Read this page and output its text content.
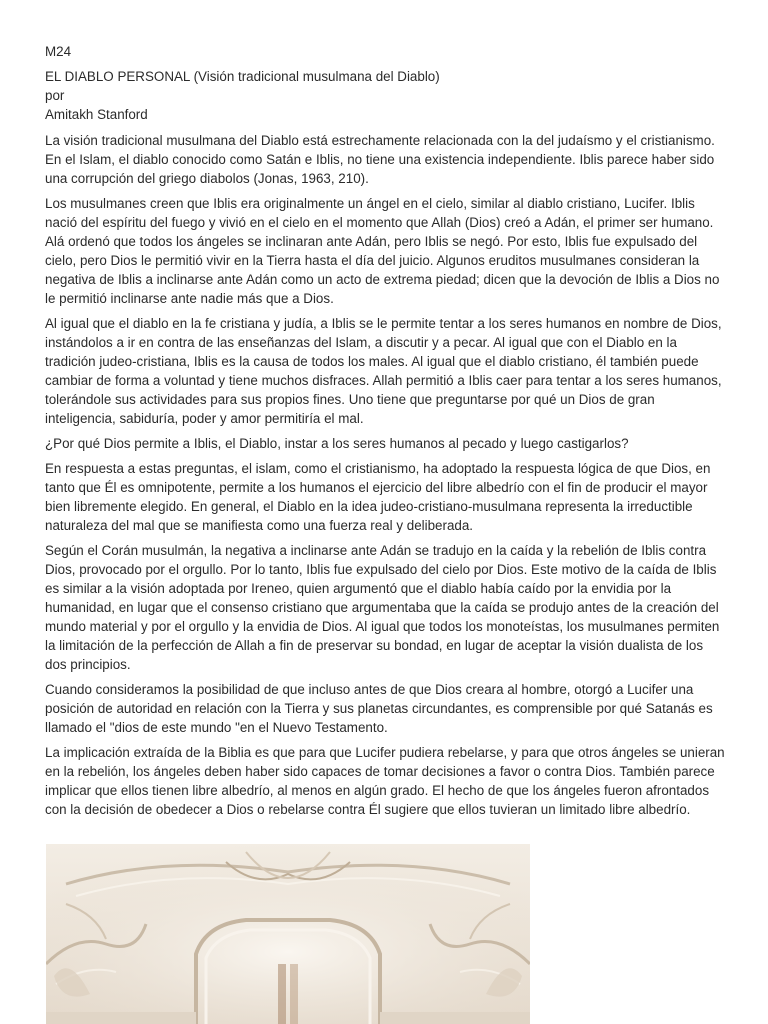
M24

EL DIABLO PERSONAL (Visión tradicional musulmana del Diablo)

por

Amitakh Stanford

La visión tradicional musulmana del Diablo está estrechamente relacionada con la del judaísmo y el cristianismo. En el Islam, el diablo conocido como Satán e Iblis, no tiene una existencia independiente. Iblis parece haber sido una corrupción del griego diabolos (Jonas, 1963, 210).

Los musulmanes creen que Iblis era originalmente un ángel en el cielo, similar al diablo cristiano, Lucifer. Iblis nació del espíritu del fuego y vivió en el cielo en el momento que Allah (Dios) creó a Adán, el primer ser humano. Alá ordenó que todos los ángeles se inclinaran ante Adán, pero Iblis se negó. Por esto, Iblis fue expulsado del cielo, pero Dios le permitió vivir en la Tierra hasta el día del juicio. Algunos eruditos musulmanes consideran la negativa de Iblis a inclinarse ante Adán como un acto de extrema piedad; dicen que la devoción de Iblis a Dios no le permitió inclinarse ante nadie más que a Dios.

Al igual que el diablo en la fe cristiana y judía, a Iblis se le permite tentar a los seres humanos en nombre de Dios, instándolos a ir en contra de las enseñanzas del Islam, a discutir y a pecar. Al igual que con el Diablo en la tradición judeo-cristiana, Iblis es la causa de todos los males. Al igual que el diablo cristiano, él también puede cambiar de forma a voluntad y tiene muchos disfraces. Allah permitió a Iblis caer para tentar a los seres humanos, tolerándole sus actividades para sus propios fines. Uno tiene que preguntarse por qué un Dios de gran inteligencia, sabiduría, poder y amor permitiría el mal.

¿Por qué Dios permite a Iblis, el Diablo, instar a los seres humanos al pecado y luego castigarlos?

En respuesta a estas preguntas, el islam, como el cristianismo, ha adoptado la respuesta lógica de que Dios, en tanto que Él es omnipotente, permite a los humanos el ejercicio del libre albedrío con el fin de producir el mayor bien libremente elegido. En general, el Diablo en la idea judeo-cristiano-musulmana representa la irreductible naturaleza del mal que se manifiesta como una fuerza real y deliberada.

Según el Corán musulmán, la negativa a inclinarse ante Adán se tradujo en la caída y la rebelión de Iblis contra Dios, provocado por el orgullo. Por lo tanto, Iblis fue expulsado del cielo por Dios. Este motivo de la caída de Iblis es similar a la visión adoptada por Ireneo, quien argumentó que el diablo había caído por la envidia por la humanidad, en lugar que el consenso cristiano que argumentaba que la caída se produjo antes de la creación del mundo material y por el orgullo y la envidia de Dios. Al igual que todos los monoteístas, los musulmanes permiten la limitación de la perfección de Allah a fin de preservar su bondad, en lugar de aceptar la visión dualista de los dos principios.

Cuando consideramos la posibilidad de que incluso antes de que Dios creara al hombre, otorgó a Lucifer una posición de autoridad en relación con la Tierra y sus planetas circundantes, es comprensible por qué Satanás es llamado el "dios de este mundo "en el Nuevo Testamento.

La implicación extraída de la Biblia es que para que Lucifer pudiera rebelarse, y para que otros ángeles se unieran en la rebelión, los ángeles deben haber sido capaces de tomar decisiones a favor o contra Dios. También parece implicar que ellos tienen libre albedrío, al menos en algún grado. El hecho de que los ángeles fueron afrontados con la decisión de obedecer a Dios o rebelarse contra Él sugiere que ellos tuvieran un limitado libre albedrío.
